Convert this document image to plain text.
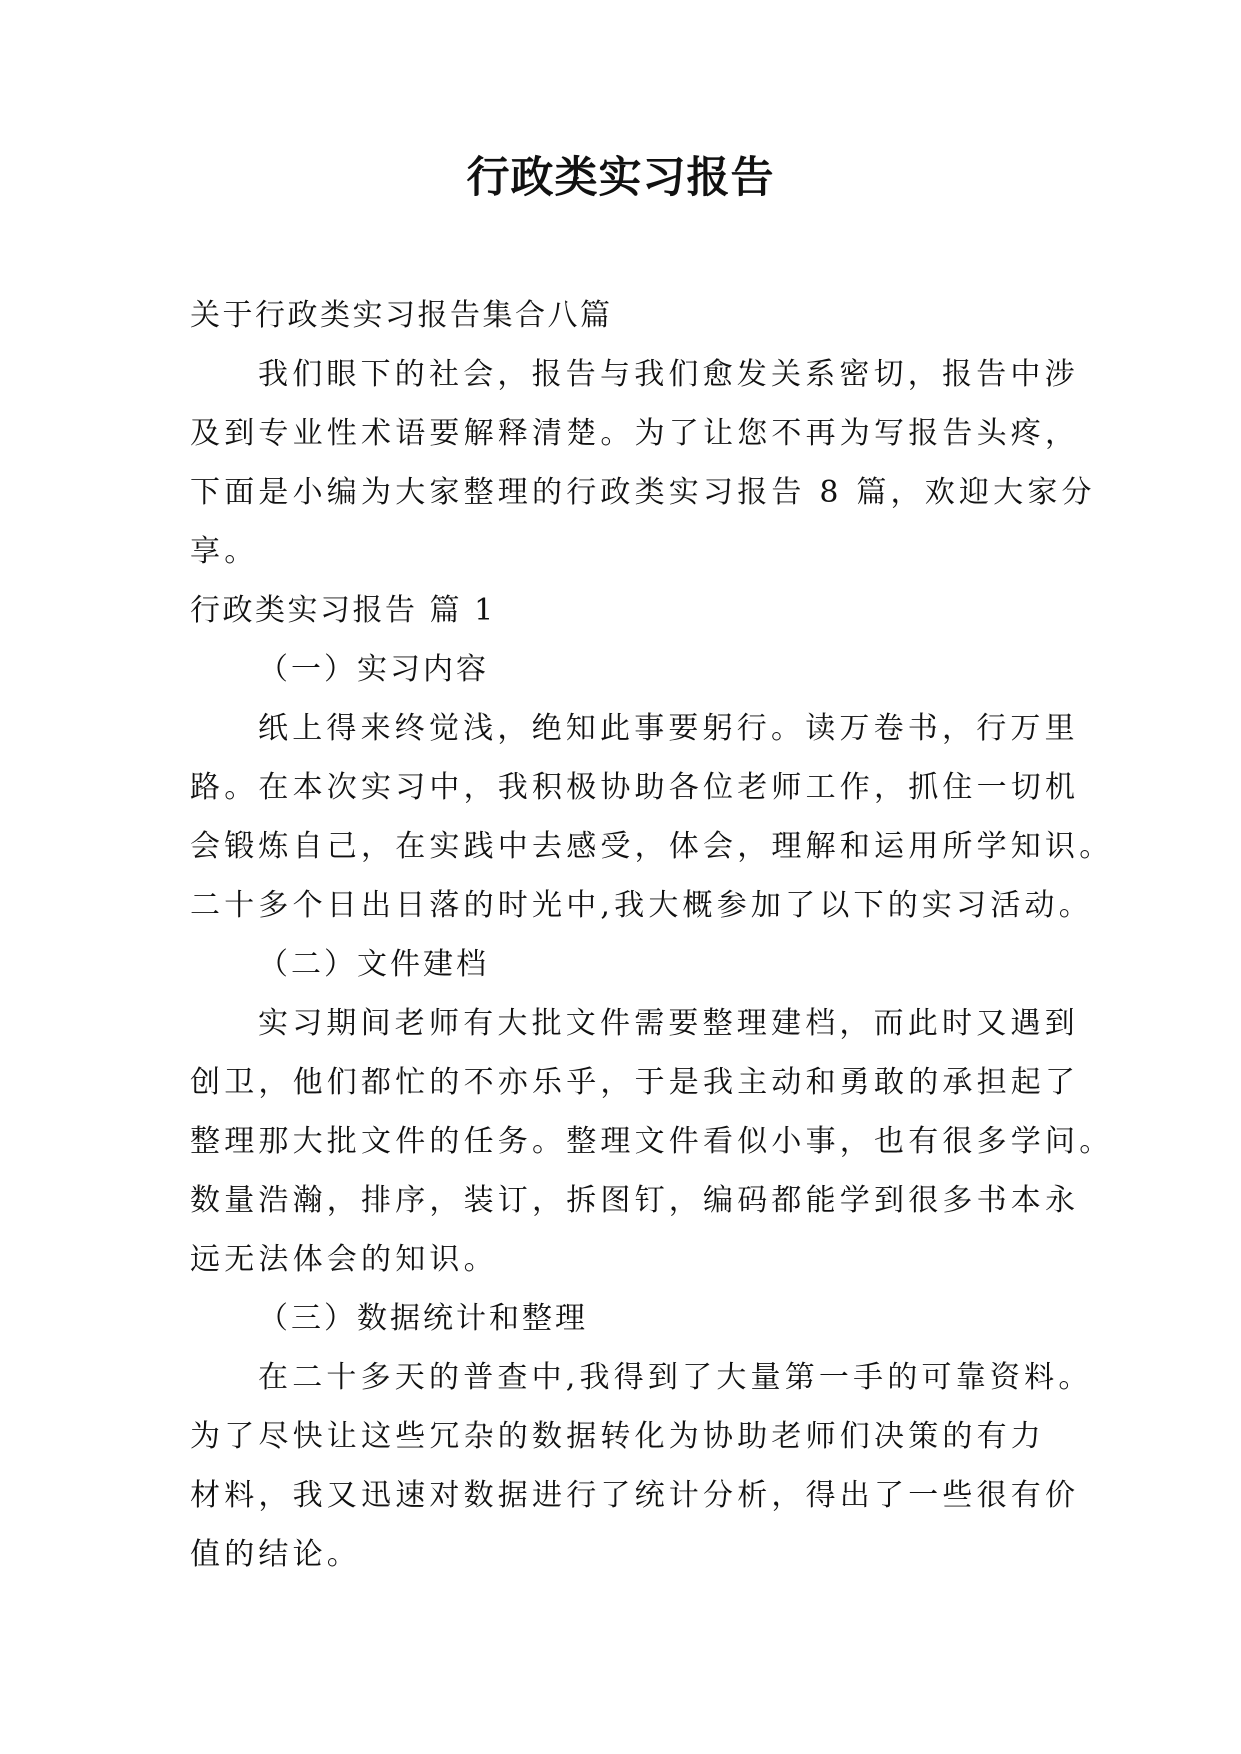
行政类实习报告
关于行政类实习报告集合八篇
我们眼下的社会，报告与我们愈发关系密切，报告中涉
及到专业性术语要解释清楚。为了让您不再为写报告头疼，
下面是小编为大家整理的行政类实习报告 8 篇，欢迎大家分
享。
行政类实习报告 篇 1
（一）实习内容
纸上得来终觉浅，绝知此事要躬行。读万卷书，行万里
路。在本次实习中，我积极协助各位老师工作，抓住一切机
会锻炼自己，在实践中去感受，体会，理解和运用所学知识。
二十多个日出日落的时光中,我大概参加了以下的实习活动。
（二）文件建档
实习期间老师有大批文件需要整理建档，而此时又遇到
创卫，他们都忙的不亦乐乎，于是我主动和勇敢的承担起了
整理那大批文件的任务。整理文件看似小事，也有很多学问。
数量浩瀚，排序，装订，拆图钉，编码都能学到很多书本永
远无法体会的知识。
（三）数据统计和整理
在二十多天的普查中,我得到了大量第一手的可靠资料。
为了尽快让这些冗杂的数据转化为协助老师们决策的有力
材料，我又迅速对数据进行了统计分析，得出了一些很有价
值的结论。
